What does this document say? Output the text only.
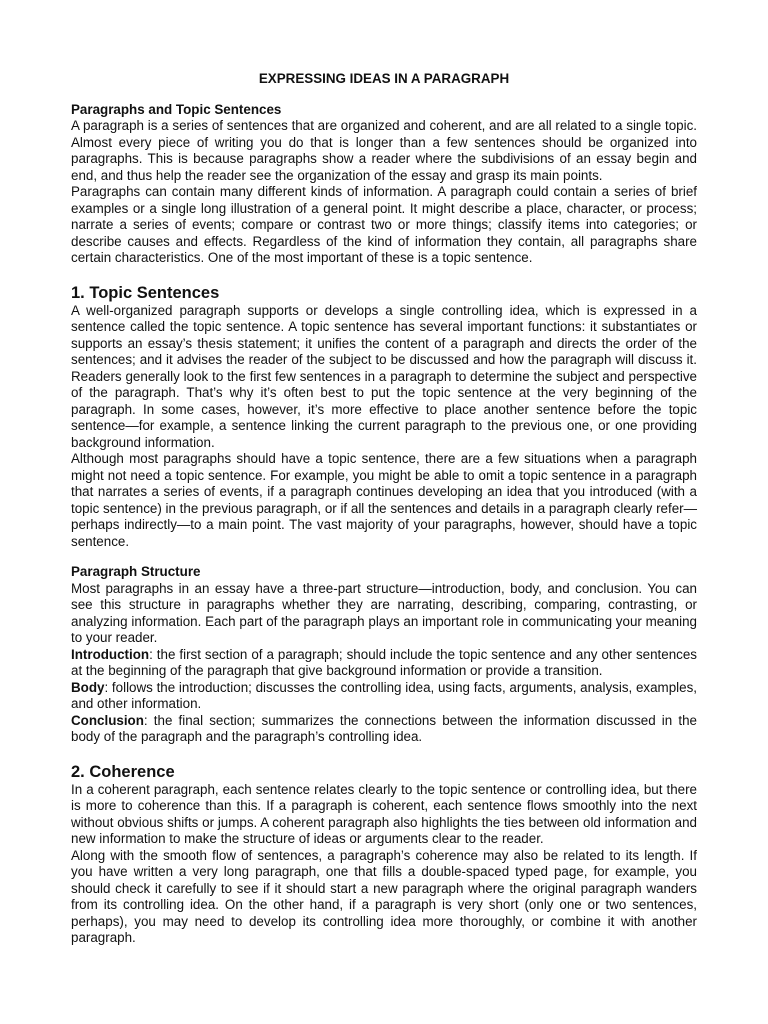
EXPRESSING IDEAS IN A PARAGRAPH
Paragraphs and Topic Sentences

A paragraph is a series of sentences that are organized and coherent, and are all related to a single topic. Almost every piece of writing you do that is longer than a few sentences should be organized into paragraphs. This is because paragraphs show a reader where the subdivisions of an essay begin and end, and thus help the reader see the organization of the essay and grasp its main points.

Paragraphs can contain many different kinds of information. A paragraph could contain a series of brief examples or a single long illustration of a general point. It might describe a place, character, or process; narrate a series of events; compare or contrast two or more things; classify items into categories; or describe causes and effects. Regardless of the kind of information they contain, all paragraphs share certain characteristics. One of the most important of these is a topic sentence.

1. Topic Sentences

A well-organized paragraph supports or develops a single controlling idea, which is expressed in a sentence called the topic sentence. A topic sentence has several important functions: it substantiates or supports an essay’s thesis statement; it unifies the content of a paragraph and directs the order of the sentences; and it advises the reader of the subject to be discussed and how the paragraph will discuss it. Readers generally look to the first few sentences in a paragraph to determine the subject and perspective of the paragraph. That’s why it’s often best to put the topic sentence at the very beginning of the paragraph. In some cases, however, it’s more effective to place another sentence before the topic sentence—for example, a sentence linking the current paragraph to the previous one, or one providing background information.

Although most paragraphs should have a topic sentence, there are a few situations when a paragraph might not need a topic sentence. For example, you might be able to omit a topic sentence in a paragraph that narrates a series of events, if a paragraph continues developing an idea that you introduced (with a topic sentence) in the previous paragraph, or if all the sentences and details in a paragraph clearly refer—perhaps indirectly—to a main point. The vast majority of your paragraphs, however, should have a topic sentence.

Paragraph Structure

Most paragraphs in an essay have a three-part structure—introduction, body, and conclusion. You can see this structure in paragraphs whether they are narrating, describing, comparing, contrasting, or analyzing information. Each part of the paragraph plays an important role in communicating your meaning to your reader.

Introduction: the first section of a paragraph; should include the topic sentence and any other sentences at the beginning of the paragraph that give background information or provide a transition.

Body: follows the introduction; discusses the controlling idea, using facts, arguments, analysis, examples, and other information.

Conclusion: the final section; summarizes the connections between the information discussed in the body of the paragraph and the paragraph’s controlling idea.

2. Coherence

In a coherent paragraph, each sentence relates clearly to the topic sentence or controlling idea, but there is more to coherence than this. If a paragraph is coherent, each sentence flows smoothly into the next without obvious shifts or jumps. A coherent paragraph also highlights the ties between old information and new information to make the structure of ideas or arguments clear to the reader.

Along with the smooth flow of sentences, a paragraph’s coherence may also be related to its length. If you have written a very long paragraph, one that fills a double-spaced typed page, for example, you should check it carefully to see if it should start a new paragraph where the original paragraph wanders from its controlling idea. On the other hand, if a paragraph is very short (only one or two sentences, perhaps), you may need to develop its controlling idea more thoroughly, or combine it with another paragraph.
